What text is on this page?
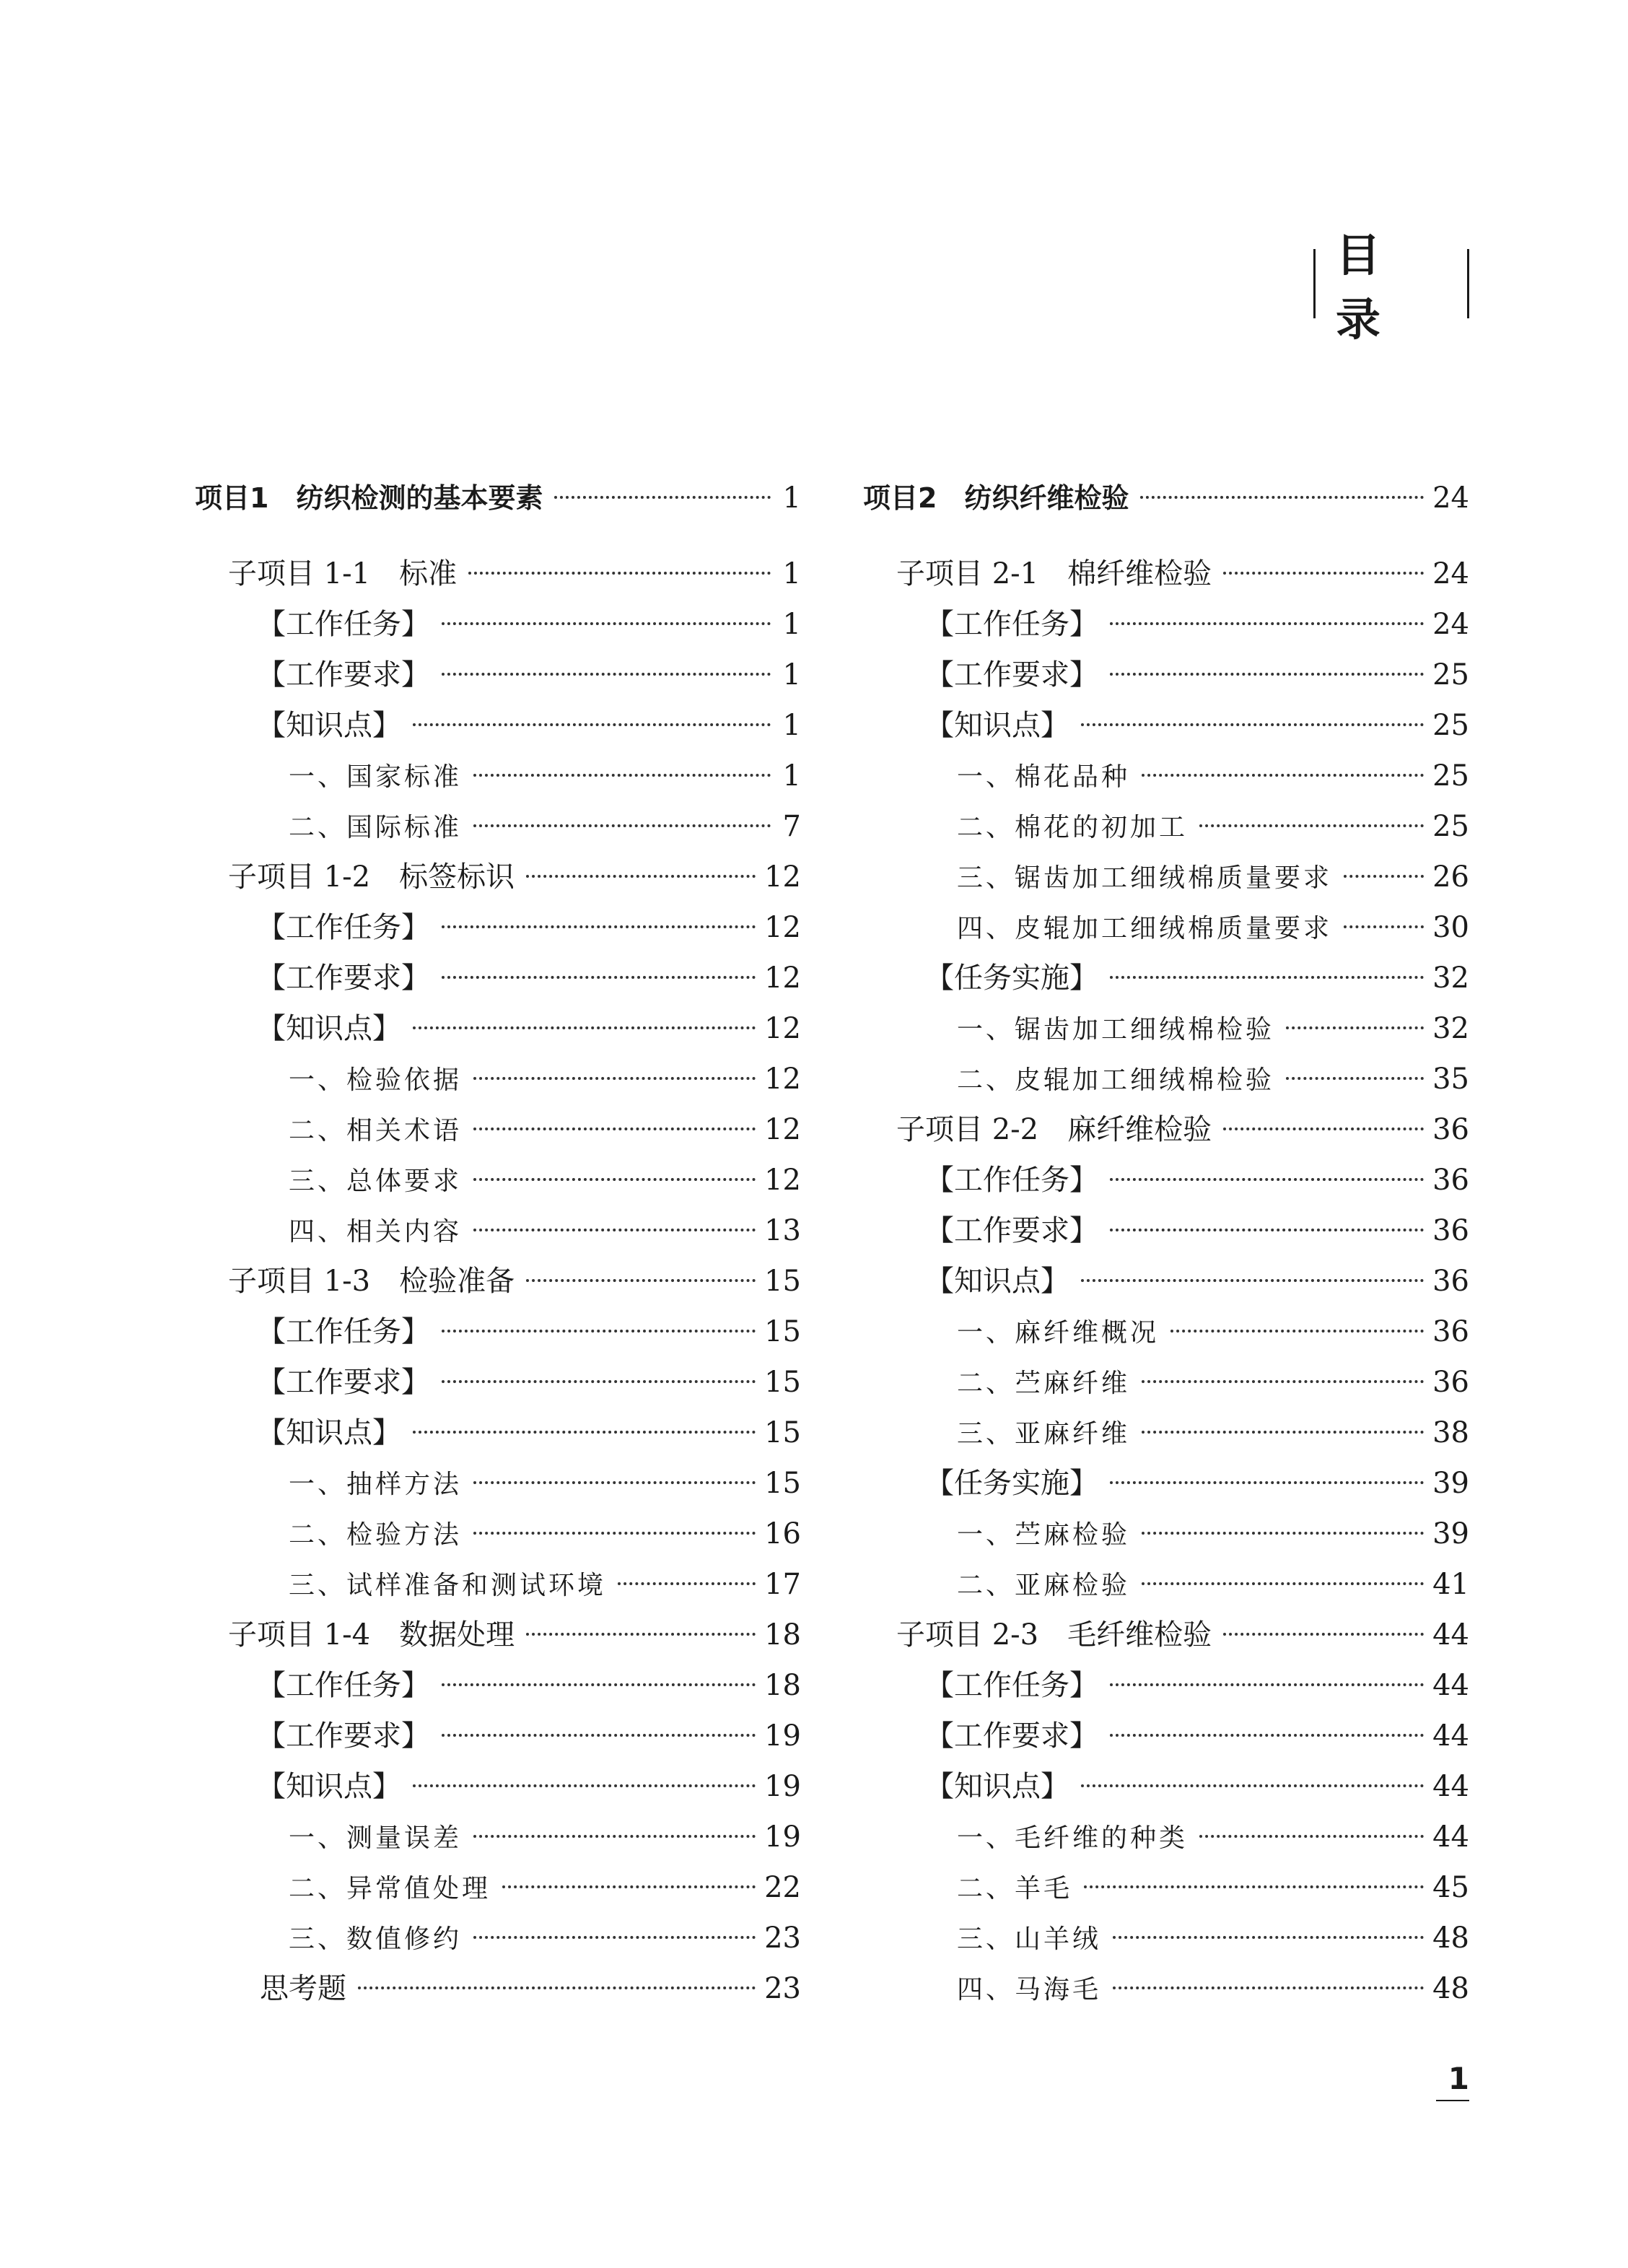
目 录
项目1　纺织检测的基本要素	1
子项目 1-1　标准	1
【工作任务】	1
【工作要求】	1
【知识点】	1
一、国家标准	1
二、国际标准	7
子项目 1-2　标签标识	12
【工作任务】	12
【工作要求】	12
【知识点】	12
一、检验依据	12
二、相关术语	12
三、总体要求	12
四、相关内容	13
子项目 1-3　检验准备	15
【工作任务】	15
【工作要求】	15
【知识点】	15
一、抽样方法	15
二、检验方法	16
三、试样准备和测试环境	17
子项目 1-4　数据处理	18
【工作任务】	18
【工作要求】	19
【知识点】	19
一、测量误差	19
二、异常值处理	22
三、数值修约	23
思考题	23
项目2　纺织纤维检验	24
子项目 2-1　棉纤维检验	24
【工作任务】	24
【工作要求】	25
【知识点】	25
一、棉花品种	25
二、棉花的初加工	25
三、锯齿加工细绒棉质量要求	26
四、皮辊加工细绒棉质量要求	30
【任务实施】	32
一、锯齿加工细绒棉检验	32
二、皮辊加工细绒棉检验	35
子项目 2-2　麻纤维检验	36
【工作任务】	36
【工作要求】	36
【知识点】	36
一、麻纤维概况	36
二、苎麻纤维	36
三、亚麻纤维	38
【任务实施】	39
一、苎麻检验	39
二、亚麻检验	41
子项目 2-3　毛纤维检验	44
【工作任务】	44
【工作要求】	44
【知识点】	44
一、毛纤维的种类	44
二、羊毛	45
三、山羊绒	48
四、马海毛	48
1
